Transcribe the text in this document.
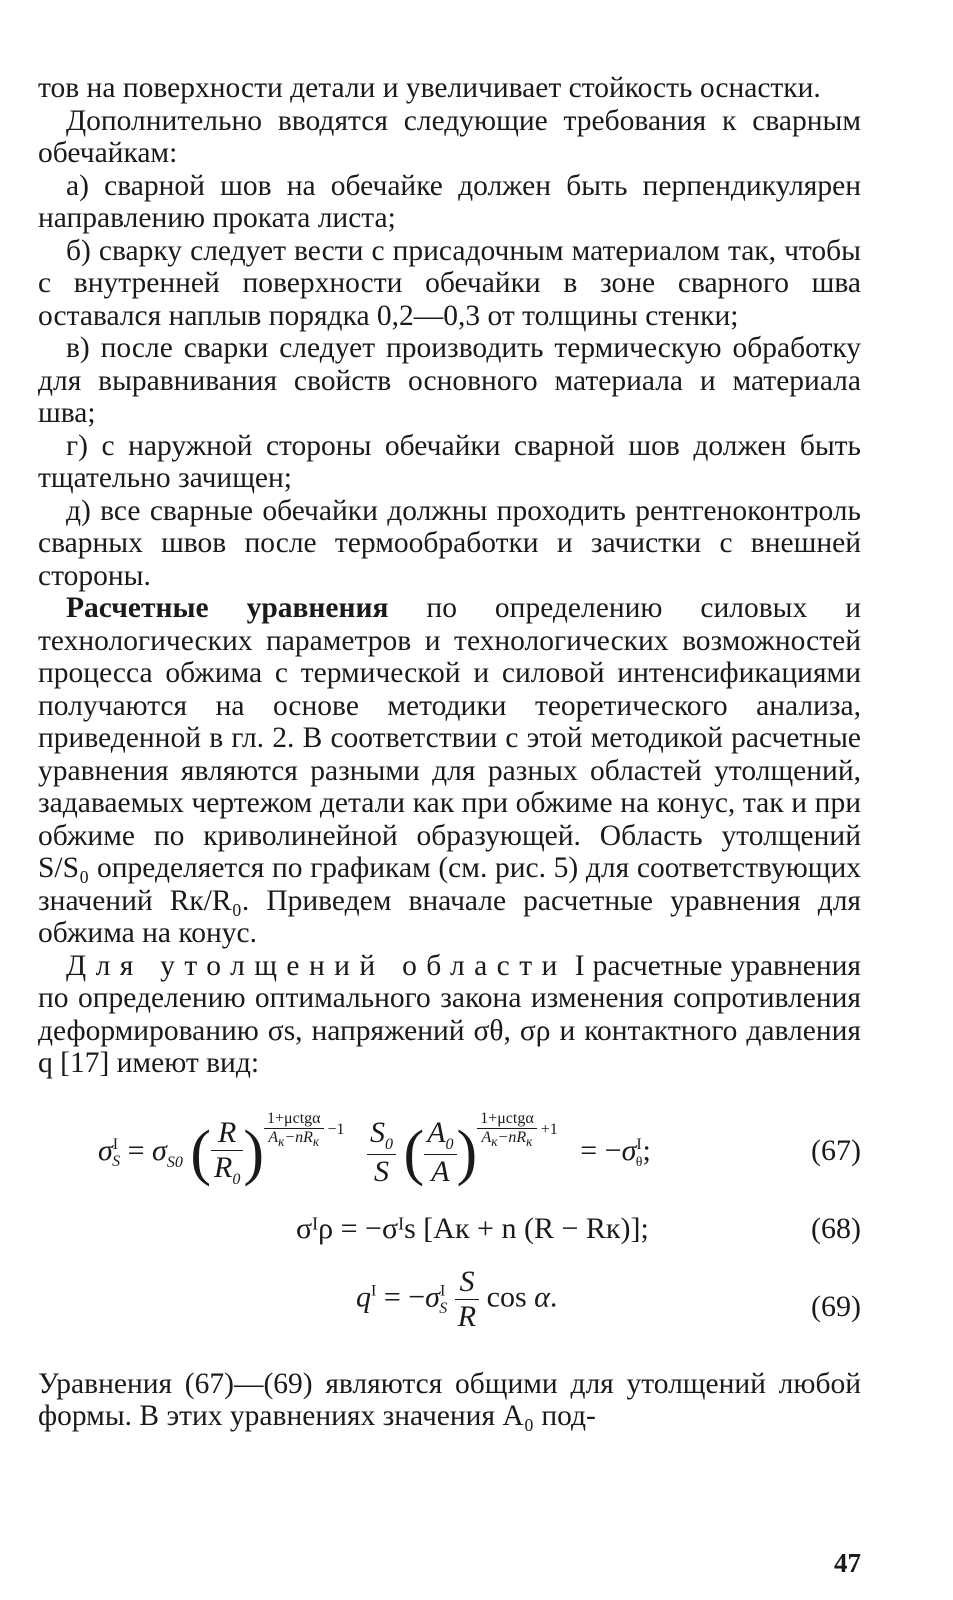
тов на поверхности детали и увеличивает стойкость оснастки.

Дополнительно вводятся следующие требования к сварным обечайкам:

а) сварной шов на обечайке должен быть перпендикулярен направлению проката листа;

б) сварку следует вести с присадочным материалом так, чтобы с внутренней поверхности обечайки в зоне сварного шва оставался наплыв порядка 0,2—0,3 от толщины стенки;

в) после сварки следует производить термическую обработку для выравнивания свойств основного материала и материала шва;

г) с наружной стороны обечайки сварной шов должен быть тщательно зачищен;

д) все сварные обечайки должны проходить рентгеноконтроль сварных швов после термообработки и зачистки с внешней стороны.

Расчетные уравнения по определению силовых и технологических параметров и технологических возможностей процесса обжима с термической и силовой интенсификациями получаются на основе методики теоретического анализа, приведенной в гл. 2. В соответствии с этой методикой расчетные уравнения являются разными для разных областей утолщений, задаваемых чертежом детали как при обжиме на конус, так и при обжиме по криволинейной образующей. Область утолщений S/S₀ определяется по графикам (см. рис. 5) для соответствующих значений Rк/R₀. Приведем вначале расчетные уравнения для обжима на конус.

Для утолщений области I расчетные уравнения по определению оптимального закона изменения сопротивления деформированию σs, напряжений σθ, σρ и контактного давления q [17] имеют вид:

$\sigma^I_S = \sigma_{S0}$ ( $\frac{R}{R_0}$ ) $\frac{\text{1+μctgα}}{A_к-nR_к} -1 \frac{S_0}{S}$ ( $\frac{A_0}{A}$ ) $\frac{\text{1+μctgα}}{A_к-nR_к} +1 = -\sigma^I_\theta$;	(67)
σᴵρ = −σᴵs [Aк + n (R − Rк)];	(68)
$q^I = -\sigma^I_S \frac{S}{R}$ cos α.	(69)

Уравнения (67)—(69) являются общими для утолщений любой формы. В этих уравнениях значения A₀ под-

47
